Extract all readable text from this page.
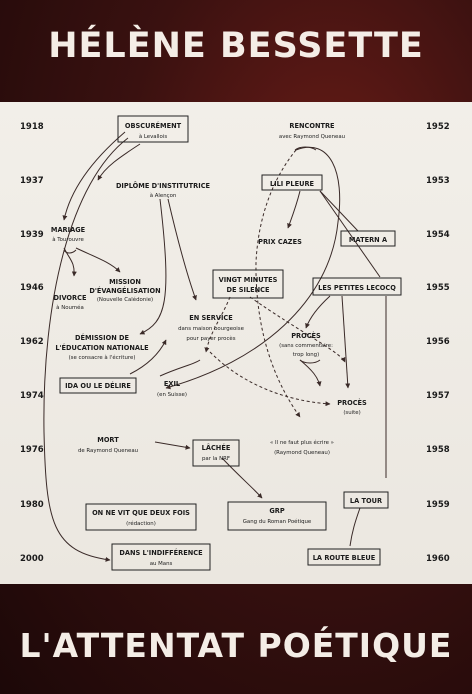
HÉLÈNE BESSETTE
1918
1937
1939
1946
1962
1974
1976
1980
2000
1952
1953
1954
1955
1956
1957
1958
1959
1960
OBSCURÉMENT
à Levallois
DIPLÔME D'INSTITUTRICE
à Alençon
MARIAGE
à Tourouvre
MISSION
D'ÉVANGÉLISATION
(Nouvelle Calédonie)
DIVORCE
à Nouméa
DÉMISSION DE
L'ÉDUCATION NATIONALE
(se consacre à l'écriture)
IDA OU LE DÉLIRE	EXIL
(en Suisse)
EN SERVICE
dans maison bourgeoise
pour payer procès
MORT
de Raymond Queneau	LÂCHÉE
par la NRF
ON NE VIT QUE DEUX FOIS
(rédaction)
DANS L'INDIFFÉRENCE
au Mans
RENCONTRE
avec Raymond Queneau
LILI PLEURE
PRIX CAZES	MATERN A
VINGT MINUTES
DE SILENCE	LES PETITES LECOCQ
PROCÈS
(sans commentaire:
trop long)
PROCÈS
(suite)
« Il ne faut plus écrire »
(Raymond Queneau)
GRP
Gang du Roman Poétique
LA TOUR
LA ROUTE BLEUE
L'ATTENTAT POÉTIQUE
